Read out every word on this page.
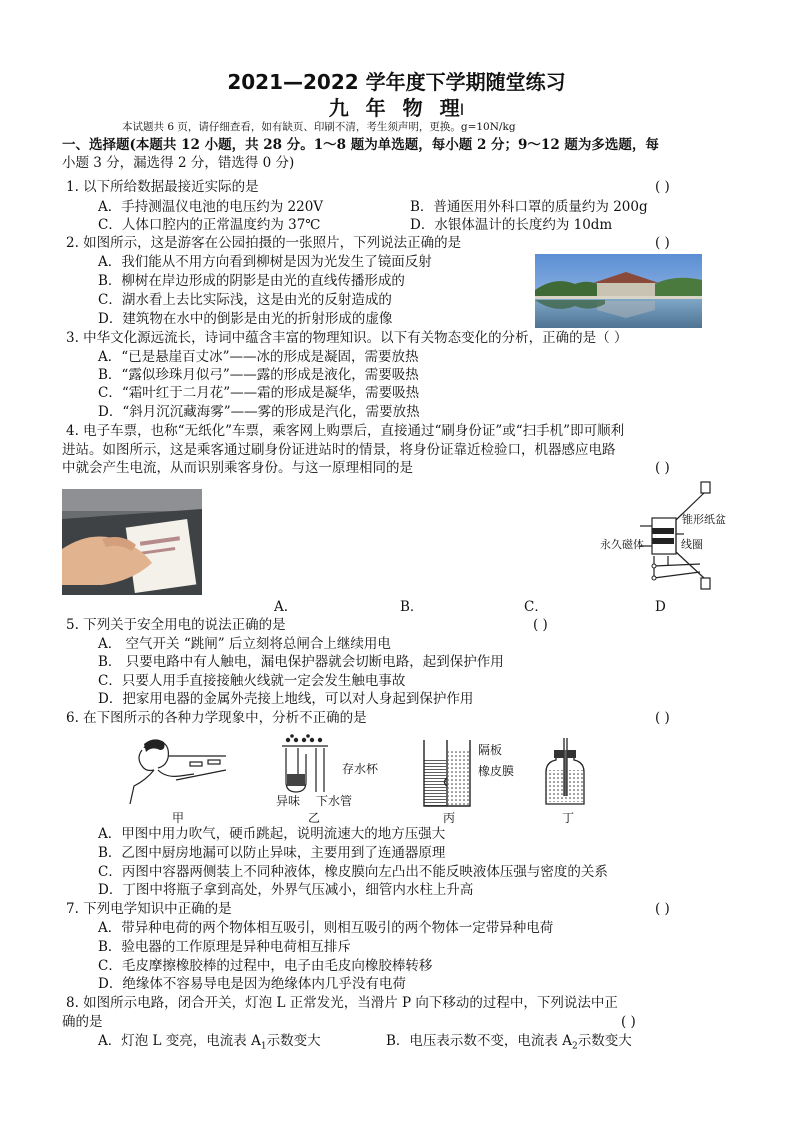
2021—2022 学年度下学期随堂练习
九 年 物 理I
本试题共 6 页，请仔细查看，如有缺页、印刷不清，考生须声明，更换。g=10N/kg
一、选择题(本题共 12 小题，共 28 分。1～8 题为单选题，每小题 2 分；9～12 题为多选题，每
小题 3 分，漏选得 2 分，错选得 0 分)
1. 以下所给数据最接近实际的是	( )
A．手持测温仪电池的电压约为 220V	B．普通医用外科口罩的质量约为 200g
C．人体口腔内的正常温度约为 37℃	D．水银体温计的长度约为 10dm
2. 如图所示，这是游客在公园拍摄的一张照片，下列说法正确的是	( )
A．我们能从不用方向看到柳树是因为光发生了镜面反射
B．柳树在岸边形成的阴影是由光的直线传播形成的
C．湖水看上去比实际浅，这是由光的反射造成的
D．建筑物在水中的倒影是由光的折射形成的虚像
3. 中华文化源远流长，诗词中蕴含丰富的物理知识。以下有关物态变化的分析，正确的是（ ）
A．“已是悬崖百丈冰”——冰的形成是凝固，需要放热
B．“露似珍珠月似弓”——露的形成是液化，需要吸热
C．“霜叶红于二月花”——霜的形成是凝华，需要吸热
D．“斜月沉沉藏海雾”——雾的形成是汽化，需要放热
4. 电子车票，也称“无纸化”车票，乘客网上购票后，直接通过“刷身份证”或“扫手机”即可顺利
进站。如图所示，这是乘客通过刷身份证进站时的情景，将身份证靠近检验口，机器感应电路
中就会产生电流，从而识别乘客身份。与这一原理相同的是	( )
锥形纸盆
永久磁体	线圈
A.	B．	C．	D
5. 下列关于安全用电的说法正确的是	( )
A． 空气开关 “跳闸” 后立刻将总闸合上继续用电
B． 只要电路中有人触电，漏电保护器就会切断电路，起到保护作用
C．只要人用手直接接触火线就一定会发生触电事故
D．把家用电器的金属外壳接上地线，可以对人身起到保护作用
6. 在下图所示的各种力学现象中，分析不正确的是	( )
甲
存水杯
异味 下水管
乙
隔板
橡皮膜
丙	丁
A．甲图中用力吹气，硬币跳起，说明流速大的地方压强大
B．乙图中厨房地漏可以防止异味，主要用到了连通器原理
C．丙图中容器两侧装上不同种液体，橡皮膜向左凸出不能反映液体压强与密度的关系
D．丁图中将瓶子拿到高处，外界气压减小，细管内水柱上升高
7. 下列电学知识中正确的是	( )
A．带异种电荷的两个物体相互吸引，则相互吸引的两个物体一定带异种电荷
B．验电器的工作原理是异种电荷相互排斥
C．毛皮摩擦橡胶棒的过程中，电子由毛皮向橡胶棒转移
D．绝缘体不容易导电是因为绝缘体内几乎没有电荷
8. 如图所示电路，闭合开关，灯泡 L 正常发光，当滑片 P 向下移动的过程中，下列说法中正
确的是	( )
A．灯泡 L 变亮，电流表 $A_1$示数变大	B．电压表示数不变，电流表 $A_2$示数变大
